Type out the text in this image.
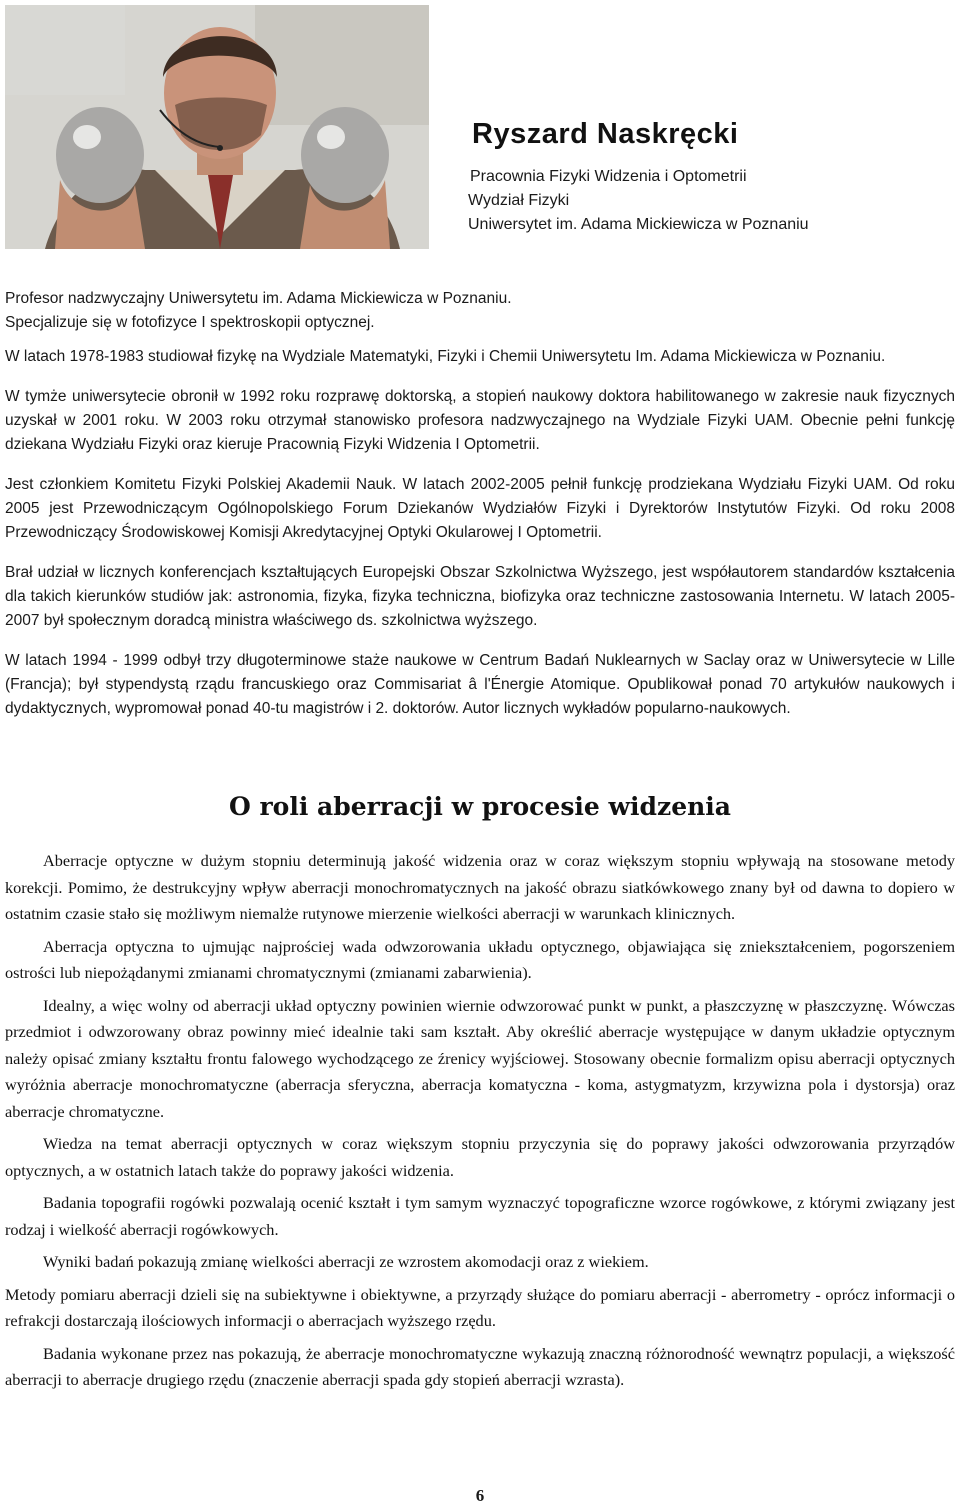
Ryszard Naskręcki
Pracownia Fizyki Widzenia i Optometrii
Wydział Fizyki
Uniwersytet im. Adama Mickiewicza w Poznaniu

Profesor nadzwyczajny Uniwersytetu im. Adama Mickiewicza w Poznaniu.

Specjalizuje się w fotofizyce I spektroskopii optycznej.

W latach 1978-1983 studiował fizykę na Wydziale Matematyki, Fizyki i Chemii Uniwersytetu Im. Adama Mickiewicza w Poznaniu.

W tymże uniwersytecie obronił w 1992 roku rozprawę doktorską, a stopień naukowy doktora habilitowanego w zakresie nauk fizycznych uzyskał w 2001 roku. W 2003 roku otrzymał stanowisko profesora nadzwyczajnego na Wydziale Fizyki UAM. Obecnie pełni funkcję dziekana Wydziału Fizyki oraz kieruje Pracownią Fizyki Widzenia I Optometrii.

Jest członkiem Komitetu Fizyki Polskiej Akademii Nauk. W latach 2002-2005 pełnił funkcję prodziekana Wydziału Fizyki UAM. Od roku 2005 jest Przewodniczącym Ogólnopolskiego Forum Dziekanów Wydziałów Fizyki i Dyrektorów Instytutów Fizyki. Od roku 2008 Przewodniczący Środowiskowej Komisji Akredytacyjnej Optyki Okularowej I Optometrii.

Brał udział w licznych konferencjach kształtujących Europejski Obszar Szkolnictwa Wyższego, jest współautorem standardów kształcenia dla takich kierunków studiów jak: astronomia, fizyka, fizyka techniczna, biofizyka oraz techniczne zastosowania Internetu. W latach 2005-2007 był społecznym doradcą ministra właściwego ds. szkolnictwa wyższego.

W latach 1994 - 1999 odbył trzy długoterminowe staże naukowe w Centrum Badań Nuklearnych w Saclay oraz w Uniwersytecie w Lille (Francja); był stypendystą rządu francuskiego oraz Commisariat â l'Énergie Atomique. Opublikował ponad 70 artykułów naukowych i dydaktycznych, wypromował ponad 40-tu magistrów i 2. doktorów. Autor licznych wykładów popularno-naukowych.

O roli aberracji w procesie widzenia

Aberracje optyczne w dużym stopniu determinują jakość widzenia oraz w coraz większym stopniu wpływają na stosowane metody korekcji. Pomimo, że destrukcyjny wpływ aberracji monochromatycznych na jakość obrazu siatkówkowego znany był od dawna to dopiero w ostatnim czasie stało się możliwym niemalże rutynowe mierzenie wielkości aberracji w warunkach klinicznych.

Aberracja optyczna to ujmując najprościej wada odwzorowania układu optycznego, objawiająca się zniekształceniem, pogorszeniem ostrości lub niepożądanymi zmianami chromatycznymi (zmianami zabarwienia).

Idealny, a więc wolny od aberracji układ optyczny powinien wiernie odwzorować punkt w punkt, a płaszczyznę w płaszczyznę. Wówczas przedmiot i odwzorowany obraz powinny mieć idealnie taki sam kształt. Aby określić aberracje występujące w danym układzie optycznym należy opisać zmiany kształtu frontu falowego wychodzącego ze źrenicy wyjściowej. Stosowany obecnie formalizm opisu aberracji optycznych wyróżnia aberracje monochromatyczne (aberracja sferyczna, aberracja komatyczna - koma, astygmatyzm, krzywizna pola i dystorsja) oraz aberracje chromatyczne.

Wiedza na temat aberracji optycznych w coraz większym stopniu przyczynia się do poprawy jakości odwzorowania przyrządów optycznych, a w ostatnich latach także do poprawy jakości widzenia.

Badania topografii rogówki pozwalają ocenić kształt i tym samym wyznaczyć topograficzne wzorce rogówkowe, z którymi związany jest rodzaj i wielkość aberracji rogówkowych.

Wyniki badań pokazują zmianę wielkości aberracji ze wzrostem akomodacji oraz z wiekiem.

Metody pomiaru aberracji dzieli się na subiektywne i obiektywne, a przyrządy służące do pomiaru aberracji - aberrometry - oprócz informacji o refrakcji dostarczają ilościowych informacji o aberracjach wyższego rzędu.

Badania wykonane przez nas pokazują, że aberracje monochromatyczne wykazują znaczną różnorodność wewnątrz populacji, a większość aberracji to aberracje drugiego rzędu (znaczenie aberracji spada gdy stopień aberracji wzrasta).

6
